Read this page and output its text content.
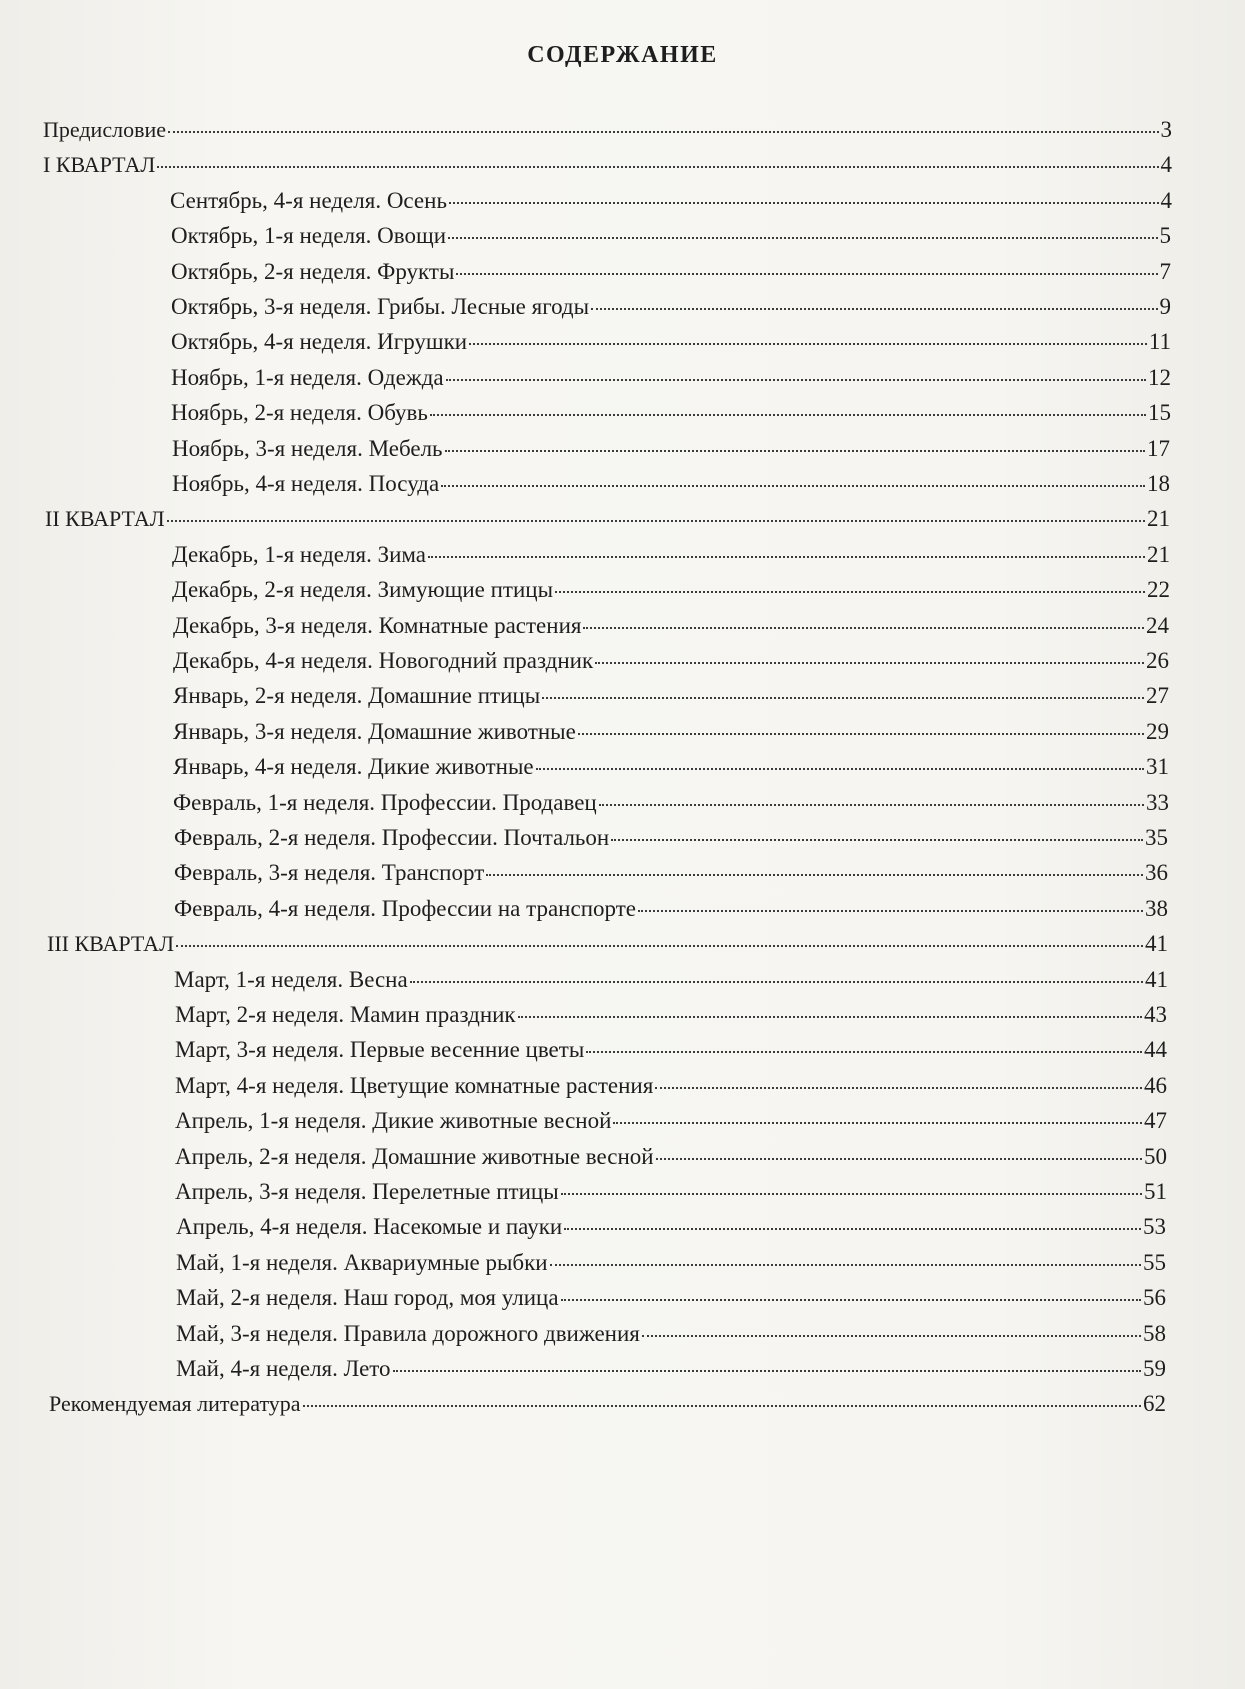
СОДЕРЖАНИЕ
Предисловие	3
I КВАРТАЛ	4
Сентябрь, 4-я неделя. Осень	4
Октябрь, 1-я неделя. Овощи	5
Октябрь, 2-я неделя. Фрукты	7
Октябрь, 3-я неделя. Грибы. Лесные ягоды	9
Октябрь, 4-я неделя. Игрушки	11
Ноябрь, 1-я неделя. Одежда	12
Ноябрь, 2-я неделя. Обувь	15
Ноябрь, 3-я неделя. Мебель	17
Ноябрь, 4-я неделя. Посуда	18
II КВАРТАЛ	21
Декабрь, 1-я неделя. Зима	21
Декабрь, 2-я неделя. Зимующие птицы	22
Декабрь, 3-я неделя. Комнатные растения	24
Декабрь, 4-я неделя. Новогодний праздник	26
Январь, 2-я неделя. Домашние птицы	27
Январь, 3-я неделя. Домашние животные	29
Январь, 4-я неделя. Дикие животные	31
Февраль, 1-я неделя. Профессии. Продавец	33
Февраль, 2-я неделя. Профессии. Почтальон	35
Февраль, 3-я неделя. Транспорт	36
Февраль, 4-я неделя. Профессии на транспорте	38
III КВАРТАЛ	41
Март, 1-я неделя. Весна	41
Март, 2-я неделя. Мамин праздник	43
Март, 3-я неделя. Первые весенние цветы	44
Март, 4-я неделя. Цветущие комнатные растения	46
Апрель, 1-я неделя. Дикие животные весной	47
Апрель, 2-я неделя. Домашние животные весной	50
Апрель, 3-я неделя. Перелетные птицы	51
Апрель, 4-я неделя. Насекомые и пауки	53
Май, 1-я неделя. Аквариумные рыбки	55
Май, 2-я неделя. Наш город, моя улица	56
Май, 3-я неделя. Правила дорожного движения	58
Май, 4-я неделя. Лето	59
Рекомендуемая литература	62
